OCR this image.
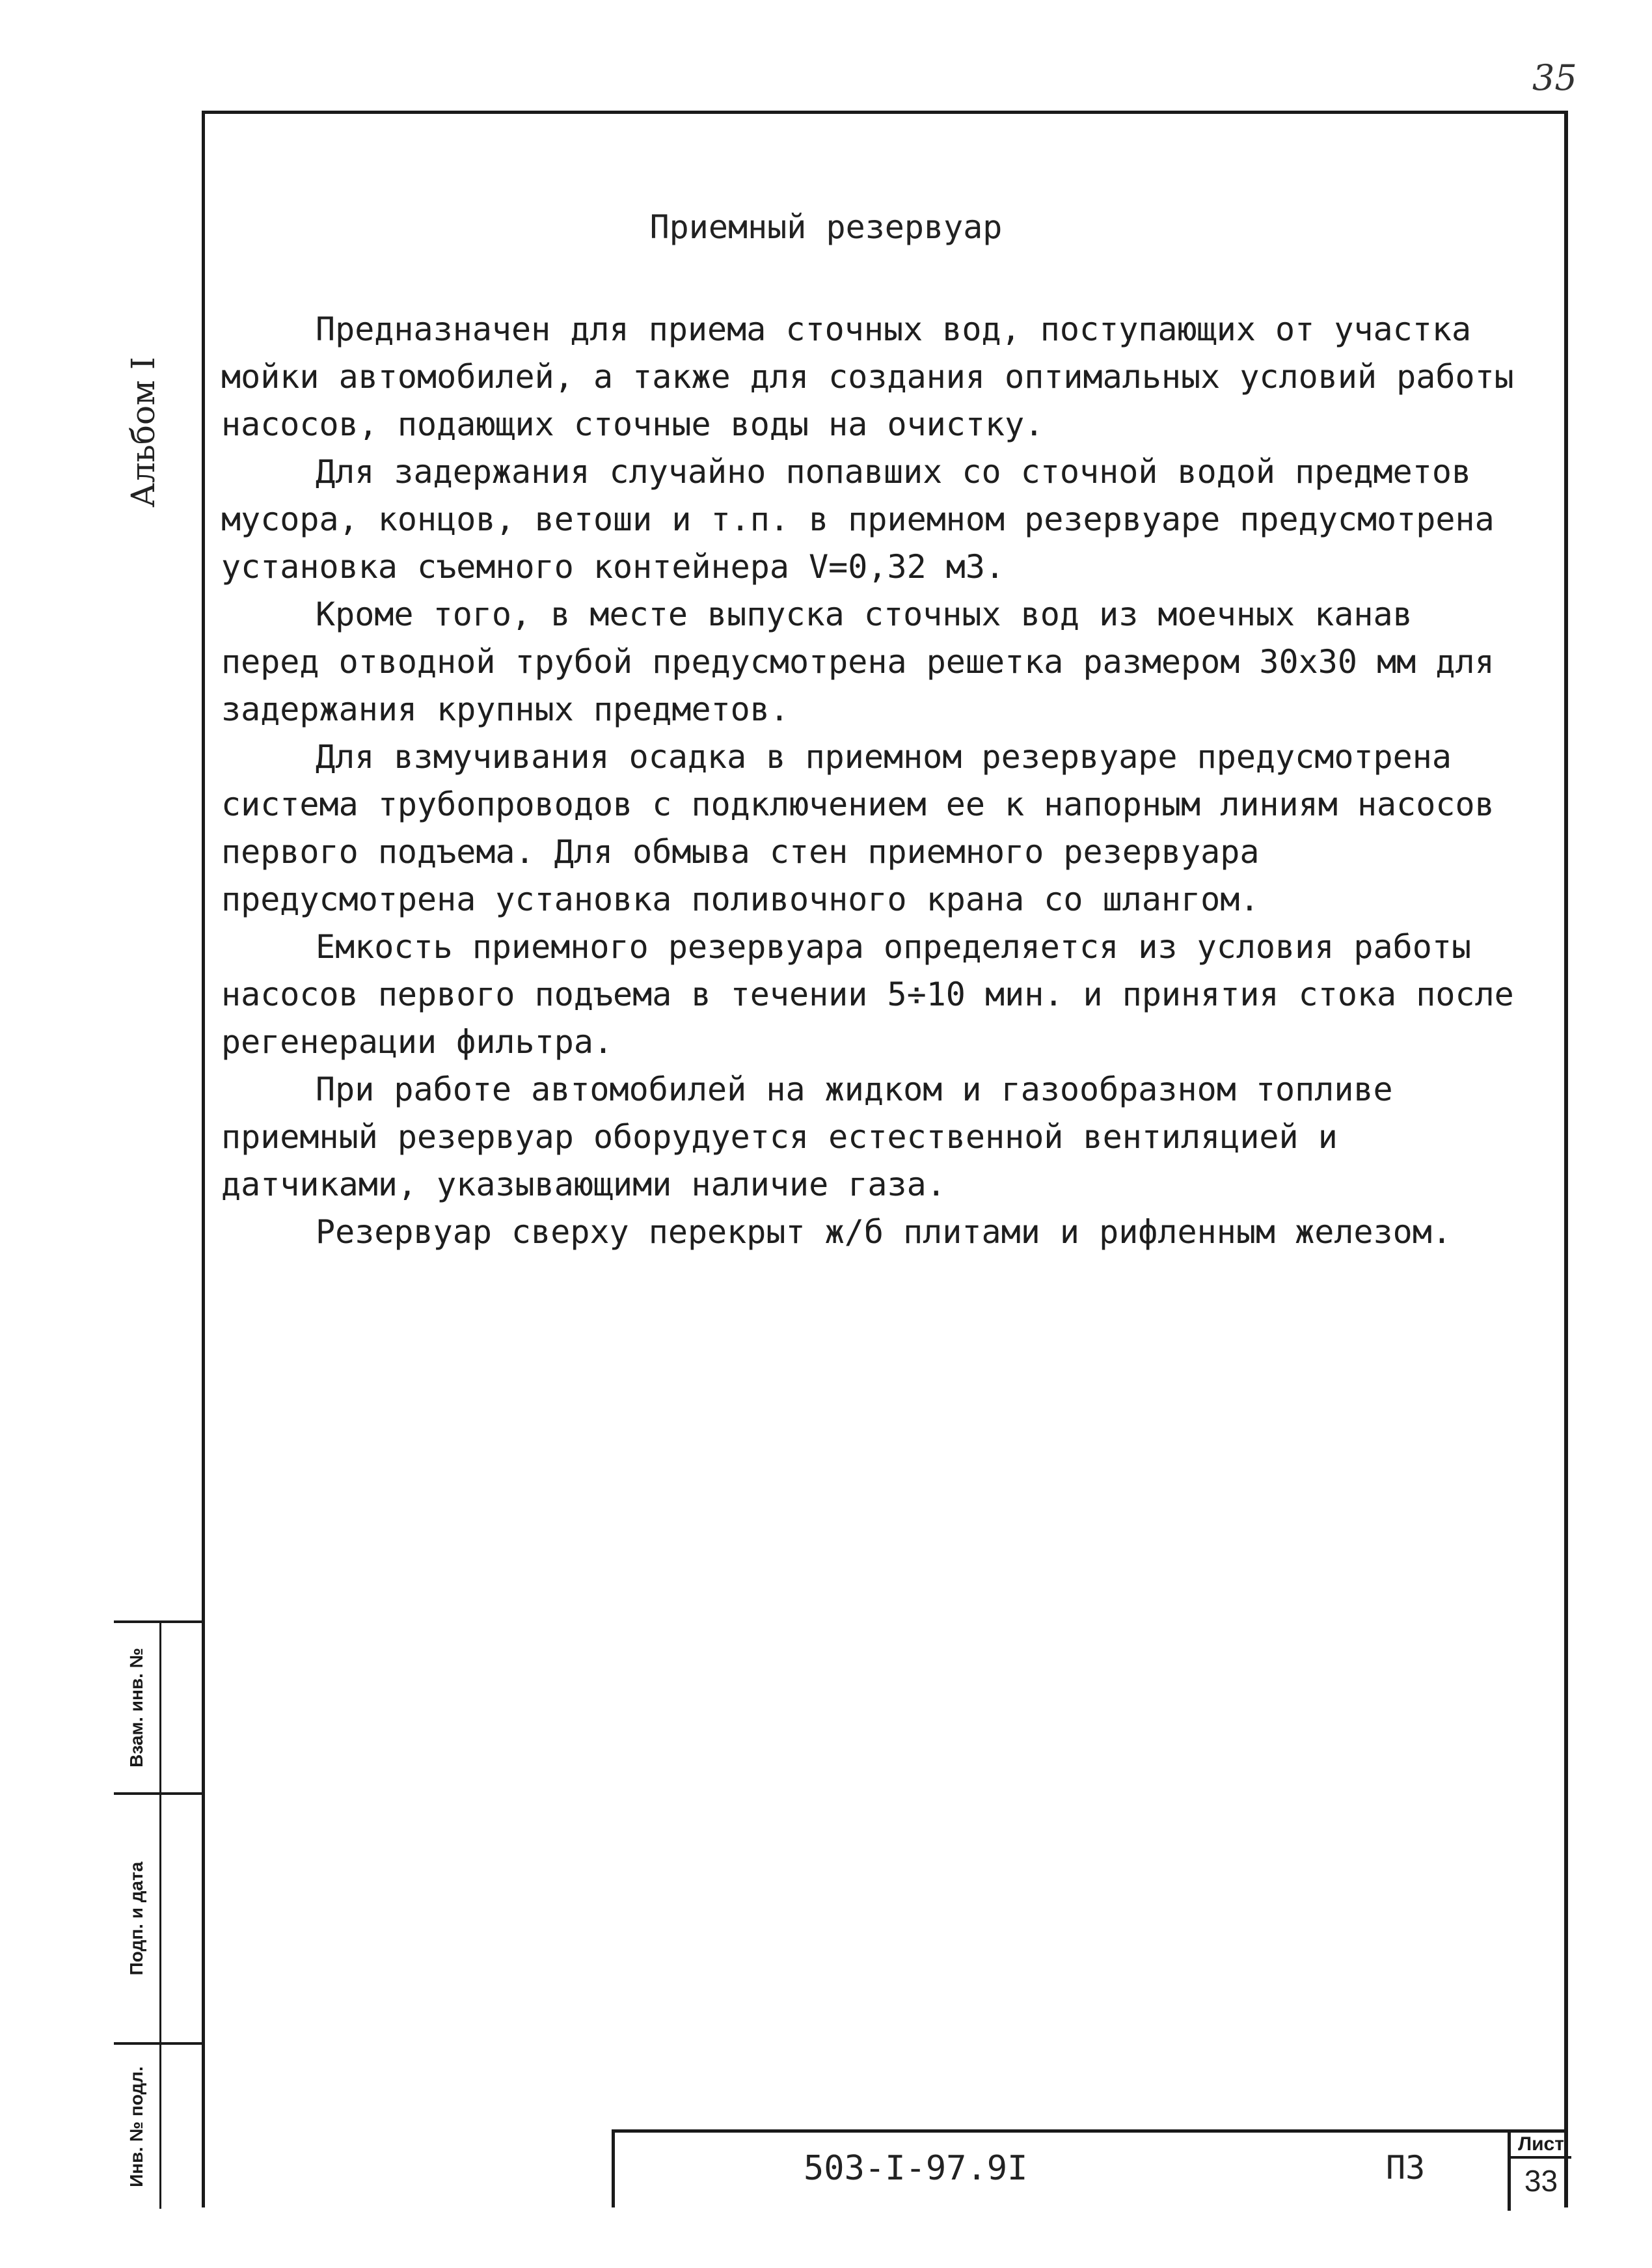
35
Альбом I
Приемный резервуар

Предназначен для приема сточных вод, поступающих от участка мойки автомобилей, а также для создания оптимальных условий работы насосов, подающих сточные воды на очистку.

Для задержания случайно попавших со сточной водой предметов мусора, концов, ветоши и т.п. в приемном резервуаре предусмотрена установка съемного контейнера V=0,32 м3.

Кроме того, в месте выпуска сточных вод из моечных канав перед отводной трубой предусмотрена решетка размером 30х30 мм для задержания крупных предметов.

Для взмучивания осадка в приемном резервуаре предусмотрена система трубопроводов с подключением ее к напорным линиям насосов первого подъема. Для обмыва стен приемного резервуара предусмотрена установка поливочного крана со шлангом.

Емкость приемного резервуара определяется из условия работы насосов первого подъема в течении 5÷10 мин. и принятия стока после регенерации фильтра.

При работе автомобилей на жидком и газообразном топливе приемный резервуар оборудуется естественной вентиляцией и датчиками, указывающими наличие газа.

Резервуар сверху перекрыт ж/б плитами и рифленным железом.

Взам. инв. №
Подп. и дата
Инв. № подл.	503-I-97.9I	ПЗ
Лист
33
